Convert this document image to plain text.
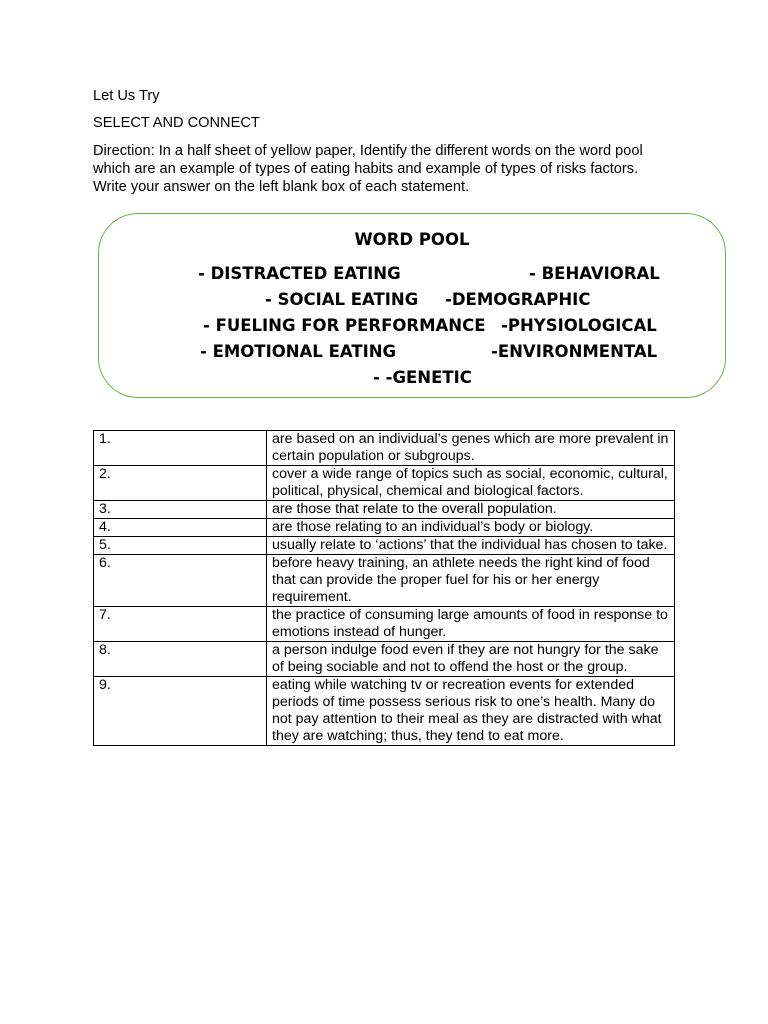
Let Us Try

SELECT AND CONNECT

Direction: In a half sheet of yellow paper, Identify the different words on the word pool which are an example of types of eating habits and example of types of risks factors. Write your answer on the left blank box of each statement.

WORD POOL
- DISTRACTED EATING	- BEHAVIORAL
- SOCIAL EATING -DEMOGRAPHIC
- FUELING FOR PERFORMANCE -PHYSIOLOGICAL
- EMOTIONAL EATING	-ENVIRONMENTAL
- -GENETIC
1.	are based on an individual’s genes which are more prevalent in certain population or subgroups.
2.	cover a wide range of topics such as social, economic, cultural, political, physical, chemical and biological factors.
3.	are those that relate to the overall population.
4.	are those relating to an individual’s body or biology.
5.	usually relate to ‘actions’ that the individual has chosen to take.
6.	before heavy training, an athlete needs the right kind of food that can provide the proper fuel for his or her energy requirement.
7.	the practice of consuming large amounts of food in response to emotions instead of hunger.
8.	a person indulge food even if they are not hungry for the sake of being sociable and not to offend the host or the group.
9.	eating while watching tv or recreation events for extended periods of time possess serious risk to one’s health. Many do not pay attention to their meal as they are distracted with what they are watching; thus, they tend to eat more.
